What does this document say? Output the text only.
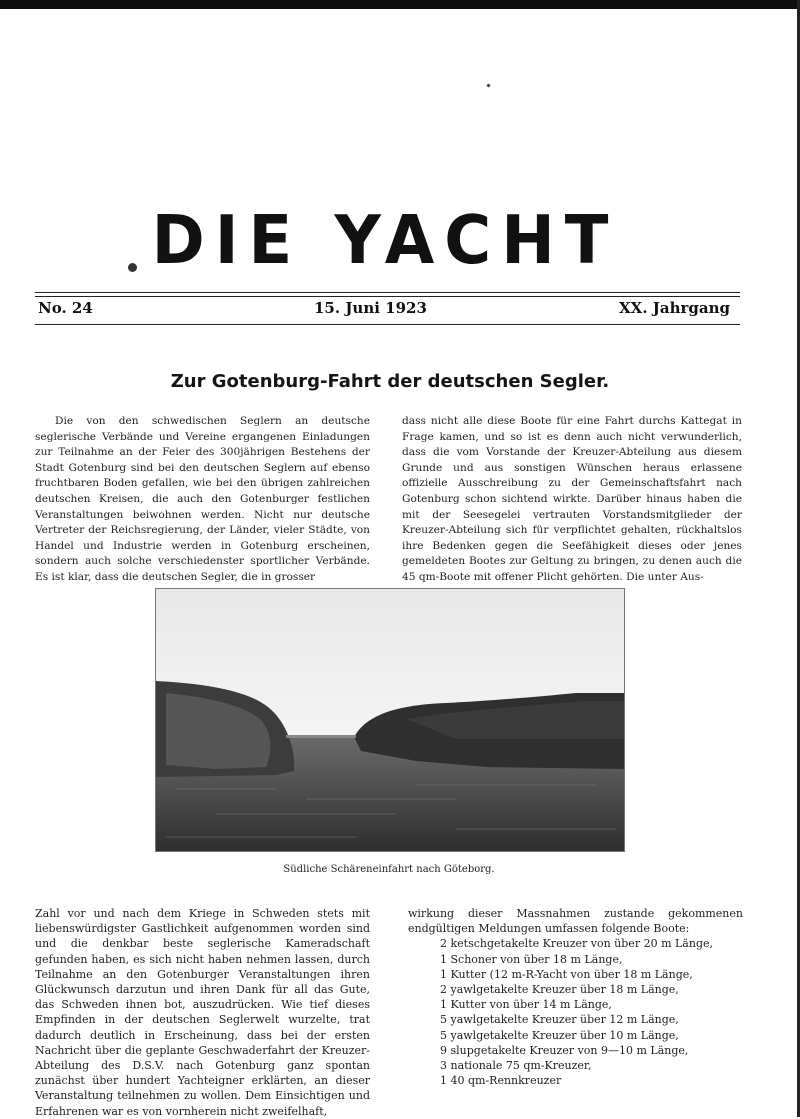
DIE YACHT
No. 24	15. Juni 1923	XX. Jahrgang
Zur Gotenburg-Fahrt der deutschen Segler.

Die von den schwedischen Seglern an deutsche seglerische Verbände und Vereine ergangenen Einladungen zur Teilnahme an der Feier des 300jährigen Bestehens der Stadt Gotenburg sind bei den deutschen Seglern auf ebenso fruchtbaren Boden gefallen, wie bei den übrigen zahlreichen deutschen Kreisen, die auch den Gotenburger festlichen Veranstaltungen beiwohnen werden. Nicht nur deutsche Vertreter der Reichsregierung, der Länder, vieler Städte, von Handel und Industrie werden in Gotenburg erscheinen, sondern auch solche verschiedenster sportlicher Verbände. Es ist klar, dass die deutschen Segler, die in grosser

dass nicht alle diese Boote für eine Fahrt durchs Kattegat in Frage kamen, und so ist es denn auch nicht verwunderlich, dass die vom Vorstande der Kreuzer-Abteilung aus diesem Grunde und aus sonstigen Wünschen heraus erlassene offizielle Ausschreibung zu der Gemeinschaftsfahrt nach Gotenburg schon sichtend wirkte. Darüber hinaus haben die mit der Seesegelei vertrauten Vorstandsmitglieder der Kreuzer-Abteilung sich für verpflichtet gehalten, rückhaltslos ihre Bedenken gegen die Seefähigkeit dieses oder jenes gemeldeten Bootes zur Geltung zu bringen, zu denen auch die 45 qm-Boote mit offener Plicht gehörten. Die unter Aus-

Südliche Schäreneinfahrt nach Göteborg.

Zahl vor und nach dem Kriege in Schweden stets mit liebenswürdigster Gastlichkeit aufgenommen worden sind und die denkbar beste seglerische Kameradschaft gefunden haben, es sich nicht haben nehmen lassen, durch Teilnahme an den Gotenburger Veranstaltungen ihren Glückwunsch darzutun und ihren Dank für all das Gute, das Schweden ihnen bot, auszudrücken. Wie tief dieses Empfinden in der deutschen Seglerwelt wurzelte, trat dadurch deutlich in Erscheinung, dass bei der ersten Nachricht über die geplante Geschwaderfahrt der Kreuzer-Abteilung des D.S.V. nach Gotenburg ganz spontan zunächst über hundert Yachteigner erklärten, an dieser Veranstaltung teilnehmen zu wollen. Dem Einsichtigen und Erfahrenen war es von vornherein nicht zweifelhaft,

wirkung dieser Massnahmen zustande gekommenen endgültigen Meldungen umfassen folgende Boote:

2 ketschgetakelte Kreuzer von über 20 m Länge,
1 Schoner von über 18 m Länge,
1 Kutter (12 m-R-Yacht von über 18 m Länge,
2 yawlgetakelte Kreuzer über 18 m Länge,
1 Kutter von über 14 m Länge,
5 yawlgetakelte Kreuzer über 12 m Länge,
5 yawlgetakelte Kreuzer über 10 m Länge,
9 slupgetakelte Kreuzer von 9—10 m Länge,
3 nationale 75 qm-Kreuzer,
1 40 qm-Rennkreuzer
